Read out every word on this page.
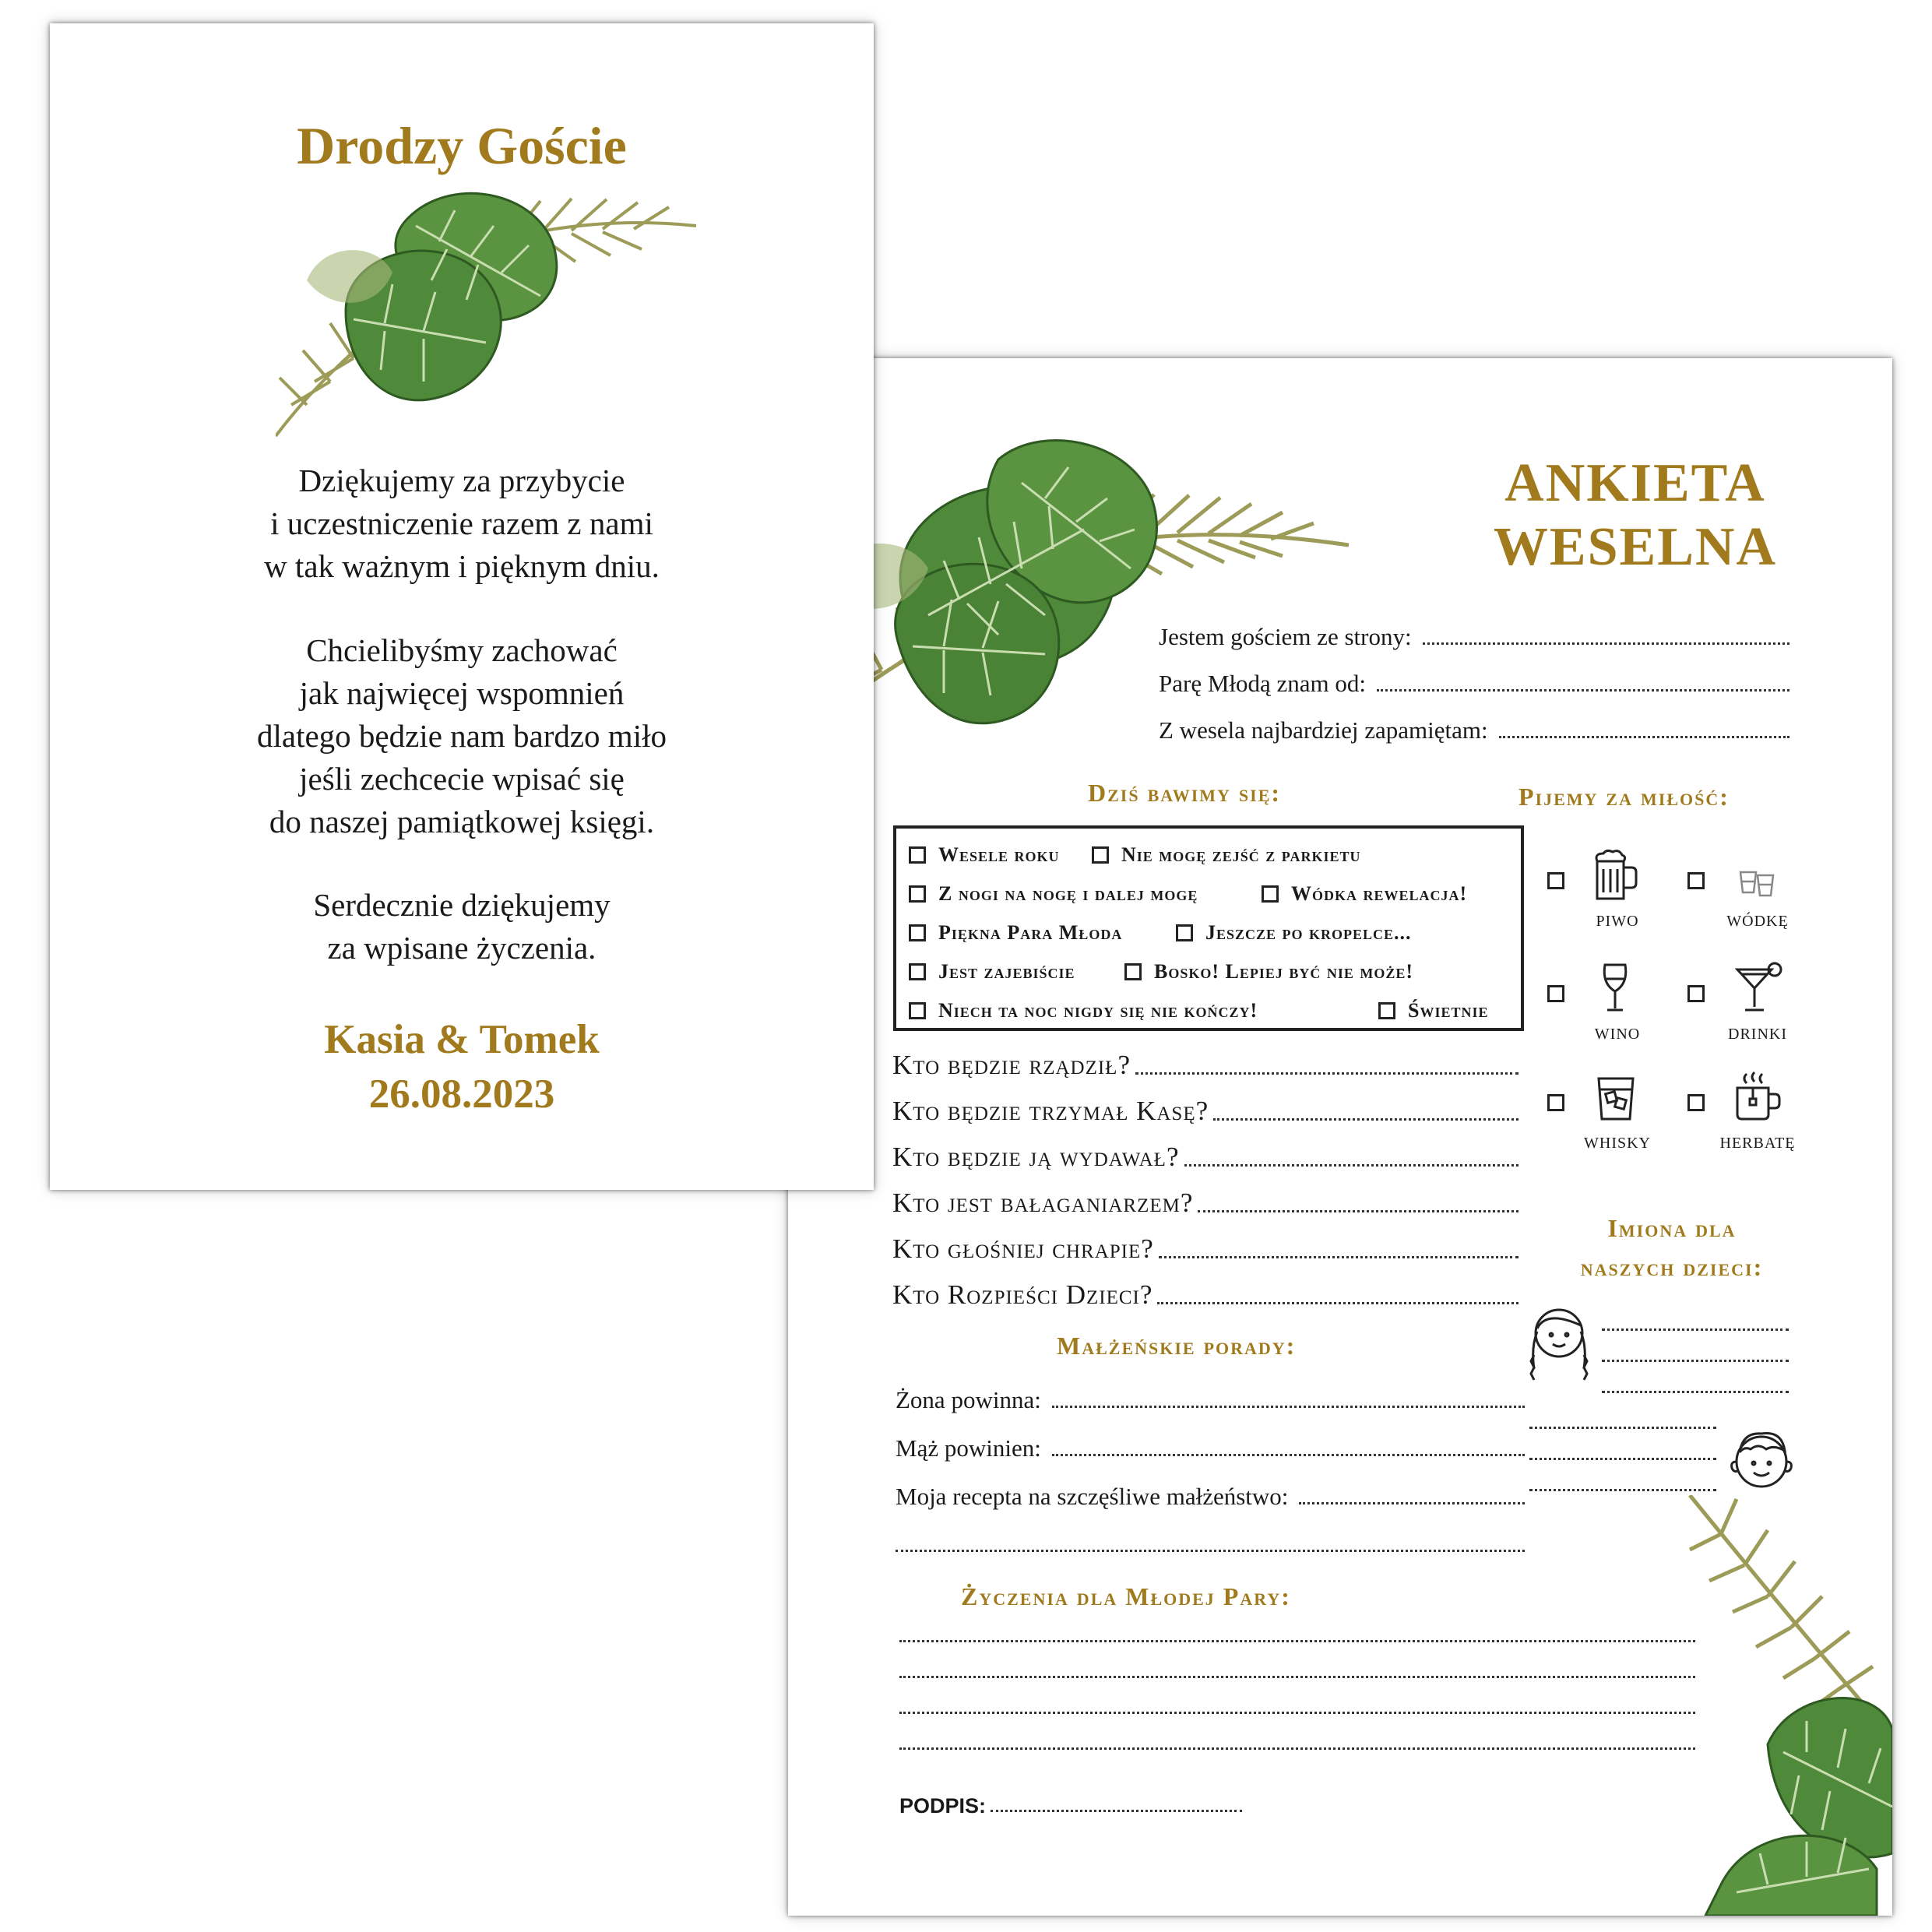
ANKIETA
WESELNA
Jestem gościem ze strony:
Parę Młodą znam od:
Z wesela najbardziej zapamiętam:
Dziś bawimy się:
Wesele roku	Nie mogę zejść z parkietu
Z nogi na nogę i dalej mogę	Wódka rewelacja!
Piękna Para Młoda	Jeszcze po kropelce...
Jest zajebiście	Bosko! Lepiej być nie może!
Niech ta noc nigdy się nie kończy!	Świetnie
Pijemy za miłość:
PIWO	WÓDKĘ
WINO	DRINKI
WHISKY	HERBATĘ
Kto będzie rządził?
Kto będzie trzymał Kasę?
Kto będzie ją wydawał?
Kto jest bałaganiarzem?
Kto głośniej chrapie?
Kto Rozpieści Dzieci?
Imiona dla
naszych dzieci:
Małżeńskie porady:
Żona powinna:
Mąż powinien:
Moja recepta na szczęśliwe małżeństwo:
Życzenia dla Młodej Pary:
PODPIS:
Drodzy Goście
Dziękujemy za przybycie
i uczestniczenie razem z nami
w tak ważnym i pięknym dniu.
Chcielibyśmy zachować
jak najwięcej wspomnień
dlatego będzie nam bardzo miło
jeśli zechcecie wpisać się
do naszej pamiątkowej księgi.
Serdecznie dziękujemy
za wpisane życzenia.
Kasia & Tomek
26.08.2023
